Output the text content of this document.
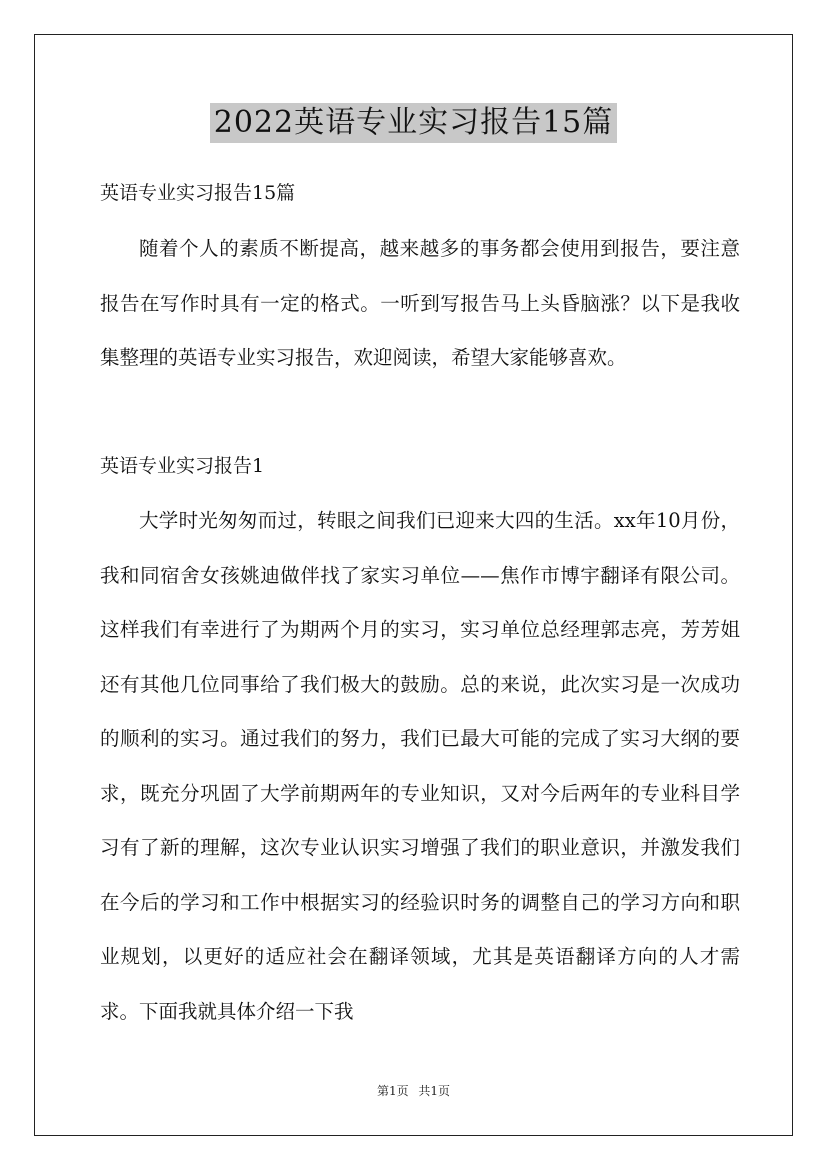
2022英语专业实习报告15篇
英语专业实习报告15篇

随着个人的素质不断提高，越来越多的事务都会使用到报告，要注意报告在写作时具有一定的格式。一听到写报告马上头昏脑涨？以下是我收集整理的英语专业实习报告，欢迎阅读，希望大家能够喜欢。

英语专业实习报告1

大学时光匆匆而过，转眼之间我们已迎来大四的生活。xx年10月份，我和同宿舍女孩姚迪做伴找了家实习单位——焦作市博宇翻译有限公司。这样我们有幸进行了为期两个月的实习，实习单位总经理郭志亮，芳芳姐还有其他几位同事给了我们极大的鼓励。总的来说，此次实习是一次成功的顺利的实习。通过我们的努力，我们已最大可能的完成了实习大纲的要求，既充分巩固了大学前期两年的专业知识，又对今后两年的专业科目学习有了新的理解，这次专业认识实习增强了我们的职业意识，并激发我们在今后的学习和工作中根据实习的经验识时务的调整自己的学习方向和职业规划，以更好的适应社会在翻译领域，尤其是英语翻译方向的人才需求。下面我就具体介绍一下我

第1页 共1页
